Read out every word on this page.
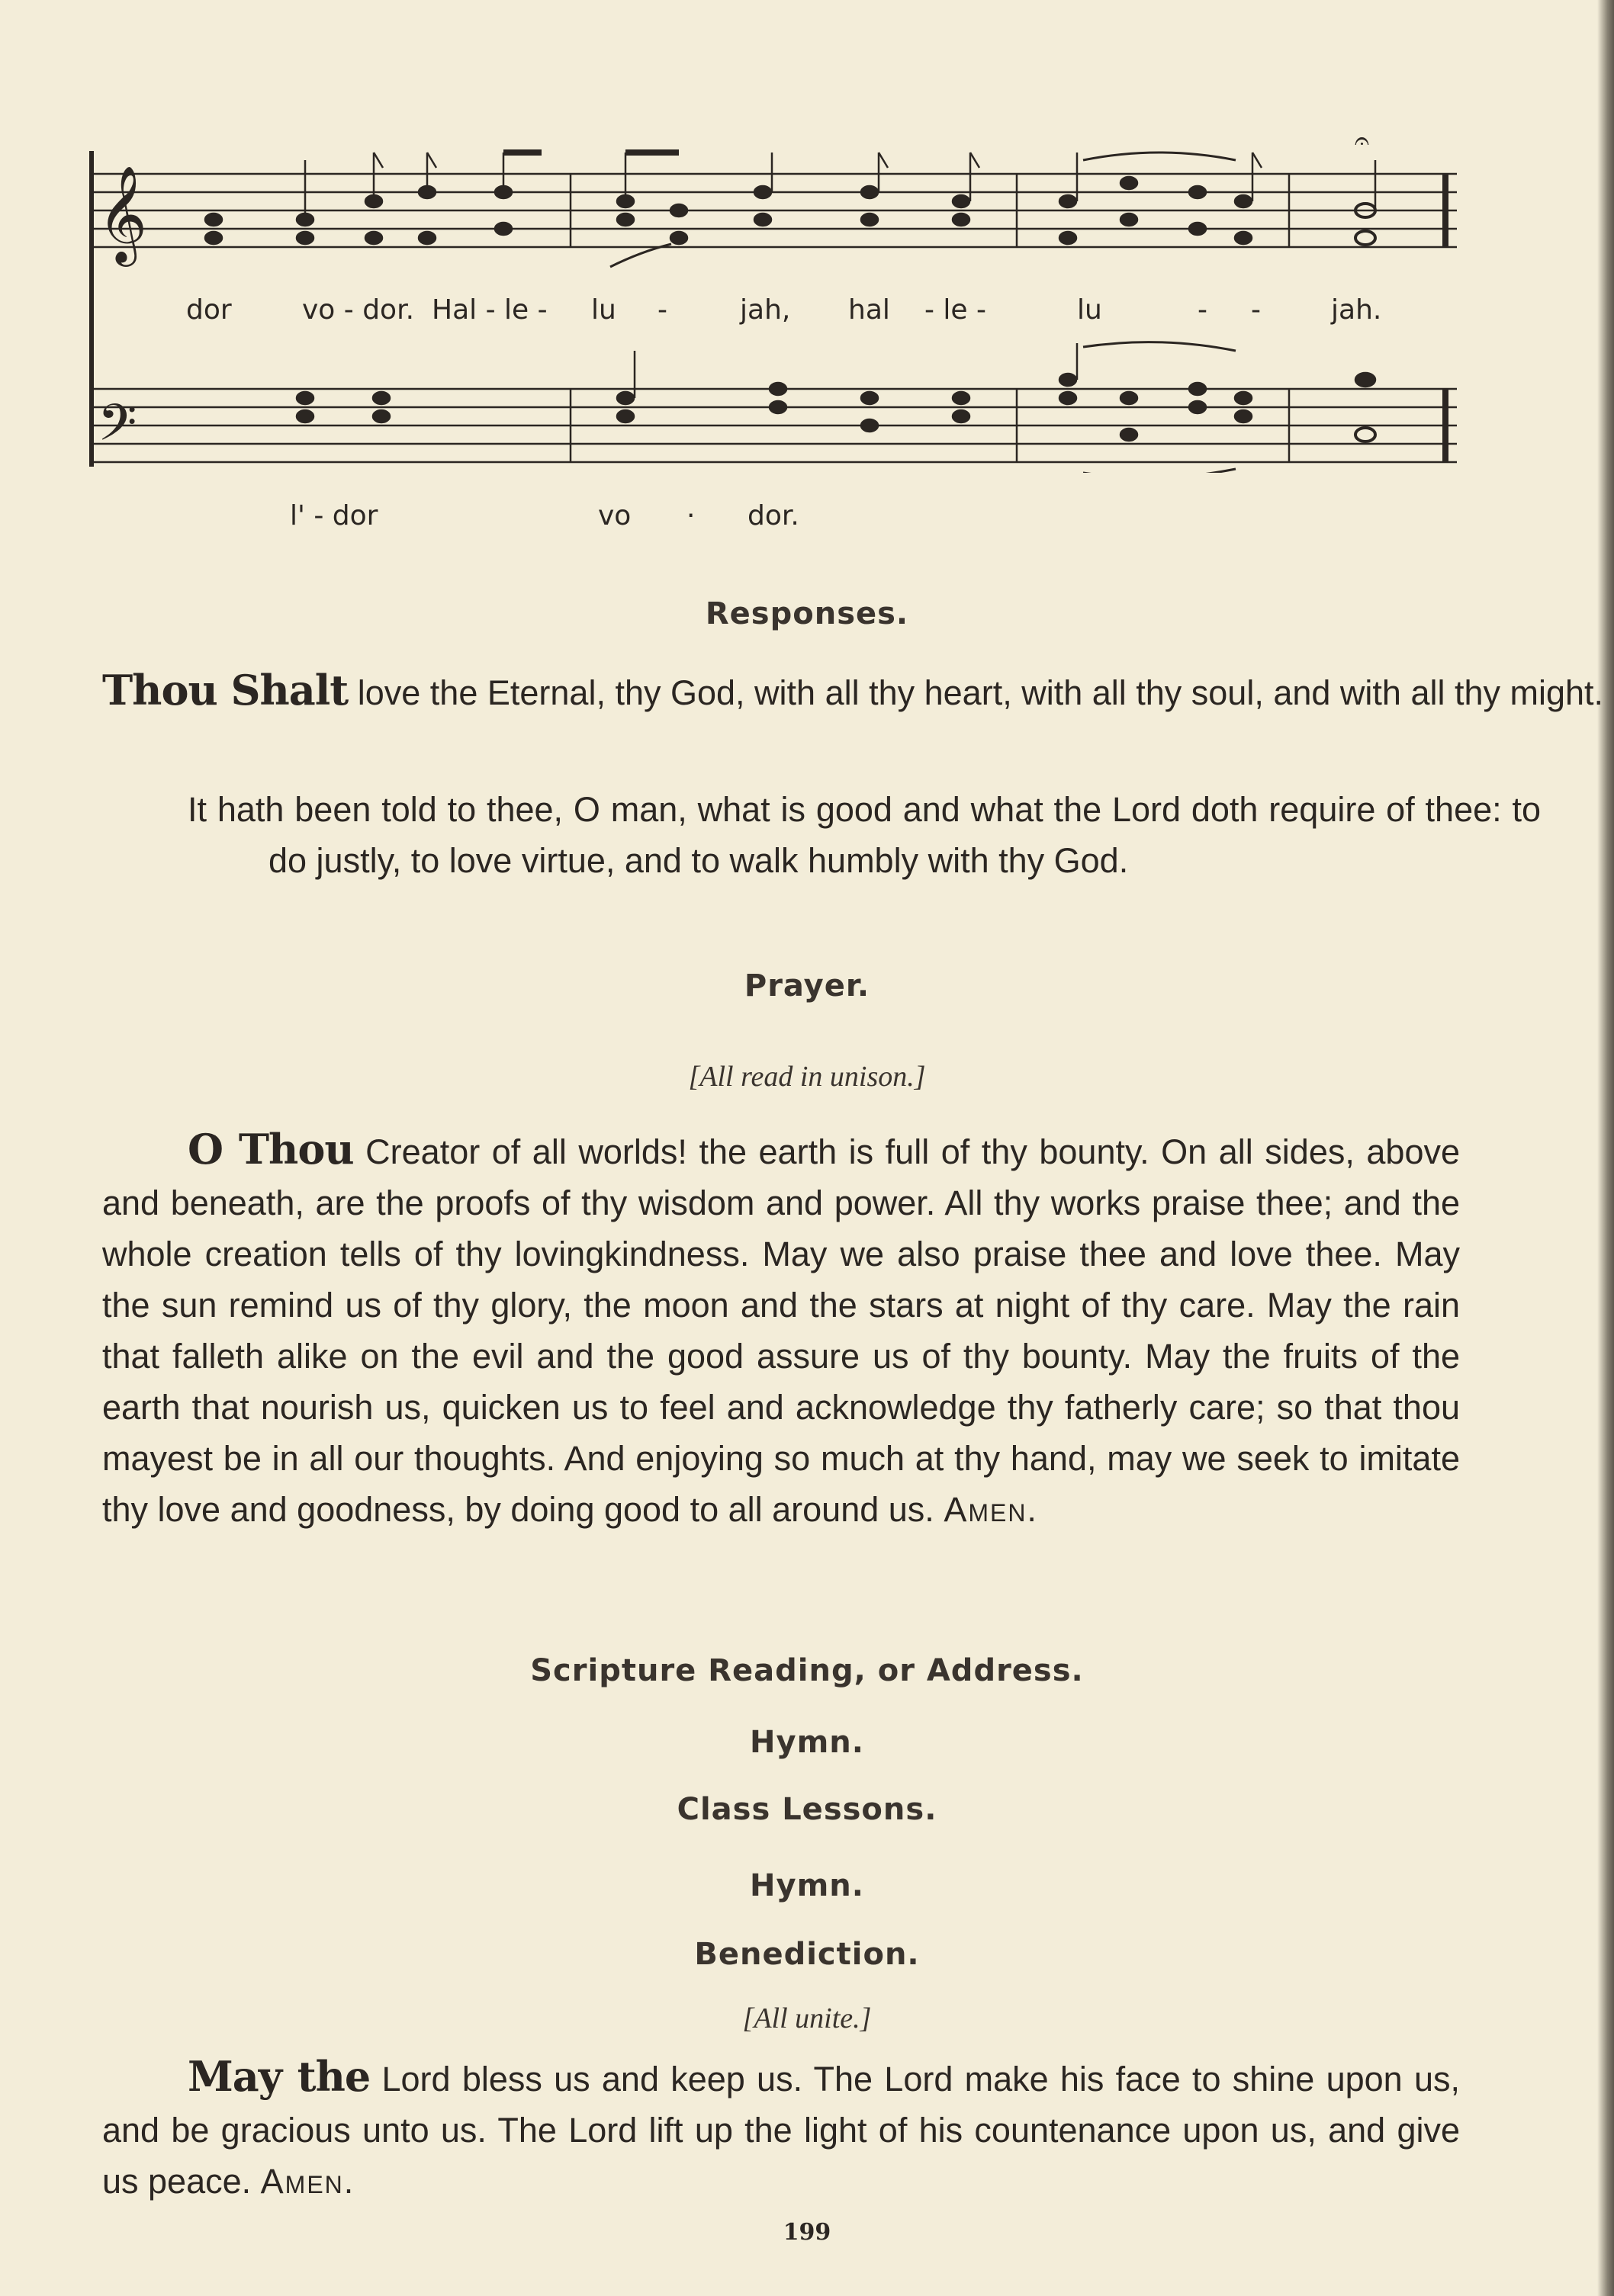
𝄞
𝄢
𝄐
dor	vo - dor. Hal - le - lu -	jah, hal - le -	lu	- -	jah.
l' - dor	vo · dor.
Responses.
Thou Shalt love the Eternal, thy God, with all thy heart, with all thy soul, and with all thy might.
It hath been told to thee, O man, what is good and what the Lord doth require of thee: to do justly, to love virtue, and to walk humbly with thy God.
Prayer.
[All read in unison.]
O Thou Creator of all worlds! the earth is full of thy bounty. On all sides, above and beneath, are the proofs of thy wisdom and power. All thy works praise thee; and the whole creation tells of thy lovingkindness. May we also praise thee and love thee. May the sun remind us of thy glory, the moon and the stars at night of thy care. May the rain that falleth alike on the evil and the good assure us of thy bounty. May the fruits of the earth that nourish us, quicken us to feel and acknowledge thy fatherly care; so that thou mayest be in all our thoughts. And enjoying so much at thy hand, may we seek to imitate thy love and goodness, by doing good to all around us. Amen.
Scripture Reading, or Address.
Hymn.
Class Lessons.
Hymn.
Benediction.
[All unite.]
May the Lord bless us and keep us. The Lord make his face to shine upon us, and be gracious unto us. The Lord lift up the light of his countenance upon us, and give us peace. Amen.
199
